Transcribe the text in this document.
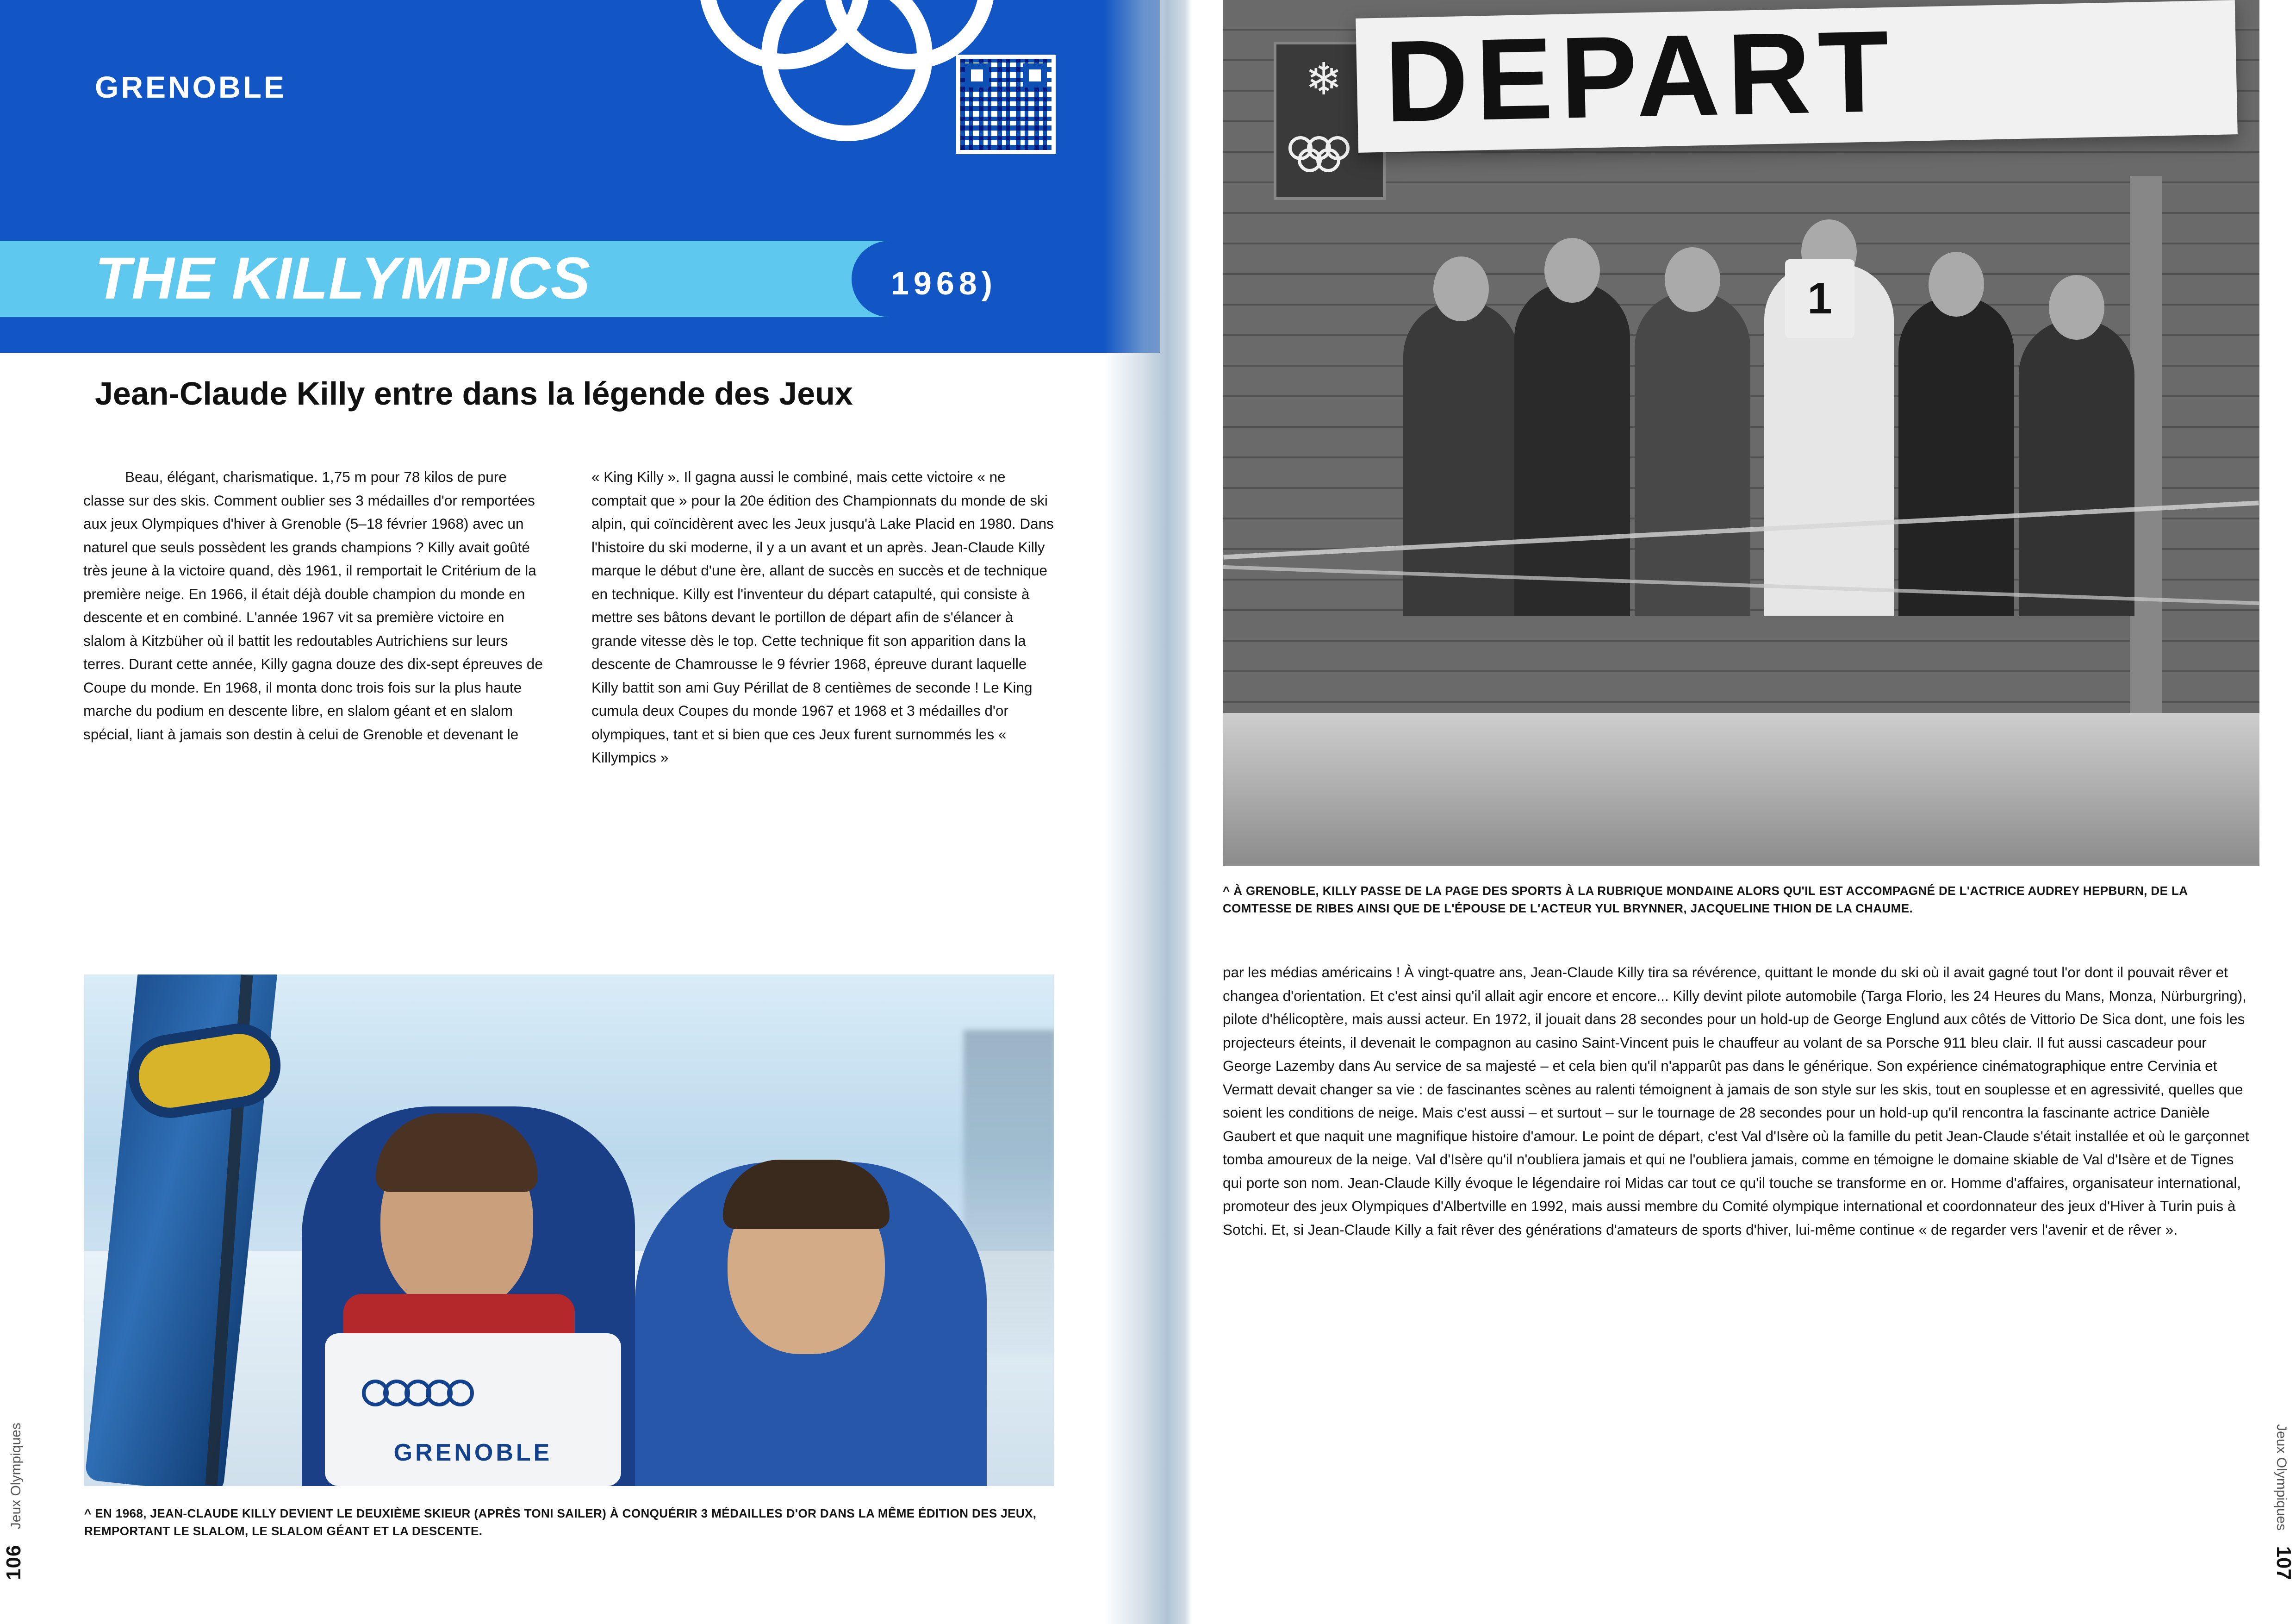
GRENOBLE
THE KILLYMPICS	1968)
Jean-Claude Killy entre dans la légende des Jeux

Beau, élégant, charismatique. 1,75 m pour 78 kilos de pure classe sur des skis. Comment oublier ses 3 médailles d'or remportées aux jeux Olympiques d'hiver à Grenoble (5–18 février 1968) avec un naturel que seuls possèdent les grands champions ? Killy avait goûté très jeune à la victoire quand, dès 1961, il remportait le Critérium de la première neige. En 1966, il était déjà double champion du monde en descente et en combiné. L'année 1967 vit sa première victoire en slalom à Kitzbüher où il battit les redoutables Autrichiens sur leurs terres. Durant cette année, Killy gagna douze des dix-sept épreuves de Coupe du monde. En 1968, il monta donc trois fois sur la plus haute marche du podium en descente libre, en slalom géant et en slalom spécial, liant à jamais son destin à celui de Grenoble et devenant le

« King Killy ». Il gagna aussi le combiné, mais cette victoire « ne comptait que » pour la 20e édition des Championnats du monde de ski alpin, qui coïncidèrent avec les Jeux jusqu'à Lake Placid en 1980. Dans l'histoire du ski moderne, il y a un avant et un après. Jean-Claude Killy marque le début d'une ère, allant de succès en succès et de technique en technique. Killy est l'inventeur du départ catapulté, qui consiste à mettre ses bâtons devant le portillon de départ afin de s'élancer à grande vitesse dès le top. Cette technique fit son apparition dans la descente de Chamrousse le 9 février 1968, épreuve durant laquelle Killy battit son ami Guy Périllat de 8 centièmes de seconde ! Le King cumula deux Coupes du monde 1967 et 1968 et 3 médailles d'or olympiques, tant et si bien que ces Jeux furent surnommés les « Killympics »

GRENOBLE
^ EN 1968, JEAN-CLAUDE KILLY DEVIENT LE DEUXIÈME SKIEUR (APRÈS TONI SAILER) À CONQUÉRIR 3 MÉDAILLES D'OR DANS LA MÊME ÉDITION DES JEUX, REMPORTANT LE SLALOM, LE SLALOM GÉANT ET LA DESCENTE.
106    Jeux Olympiques
❄ DEPART
1
^ À GRENOBLE, KILLY PASSE DE LA PAGE DES SPORTS À LA RUBRIQUE MONDAINE ALORS QU'IL EST ACCOMPAGNÉ DE L'ACTRICE AUDREY HEPBURN, DE LA COMTESSE DE RIBES AINSI QUE DE L'ÉPOUSE DE L'ACTEUR YUL BRYNNER, JACQUELINE THION DE LA CHAUME.

par les médias américains ! À vingt-quatre ans, Jean-Claude Killy tira sa révérence, quittant le monde du ski où il avait gagné tout l'or dont il pouvait rêver et changea d'orientation. Et c'est ainsi qu'il allait agir encore et encore... Killy devint pilote automobile (Targa Florio, les 24 Heures du Mans, Monza, Nürburgring), pilote d'hélicoptère, mais aussi acteur. En 1972, il jouait dans 28 secondes pour un hold-up de George Englund aux côtés de Vittorio De Sica dont, une fois les projecteurs éteints, il devenait le compagnon au casino Saint-Vincent puis le chauffeur au volant de sa Porsche 911 bleu clair. Il fut aussi cascadeur pour George Lazemby dans Au service de sa majesté – et cela bien qu'il n'apparût pas dans le générique. Son expérience cinématographique entre Cervinia et Vermatt devait changer sa vie : de fascinantes scènes au ralenti témoignent à jamais de son style sur les skis, tout en souplesse et en agressivité, quelles que soient les conditions de neige. Mais c'est aussi – et surtout – sur le tournage de 28 secondes pour un hold-up qu'il rencontra la fascinante actrice Danièle Gaubert et que naquit une magnifique histoire d'amour. Le point de départ, c'est Val d'Isère où la famille du petit Jean-Claude s'était installée et où le garçonnet tomba amoureux de la neige. Val d'Isère qu'il n'oubliera jamais et qui ne l'oubliera jamais, comme en témoigne le domaine skiable de Val d'Isère et de Tignes qui porte son nom. Jean-Claude Killy évoque le légendaire roi Midas car tout ce qu'il touche se transforme en or. Homme d'affaires, organisateur international, promoteur des jeux Olympiques d'Albertville en 1992, mais aussi membre du Comité olympique international et coordonnateur des jeux d'Hiver à Turin puis à Sotchi. Et, si Jean-Claude Killy a fait rêver des générations d'amateurs de sports d'hiver, lui-même continue « de regarder vers l'avenir et de rêver ».

Jeux Olympiques    107
